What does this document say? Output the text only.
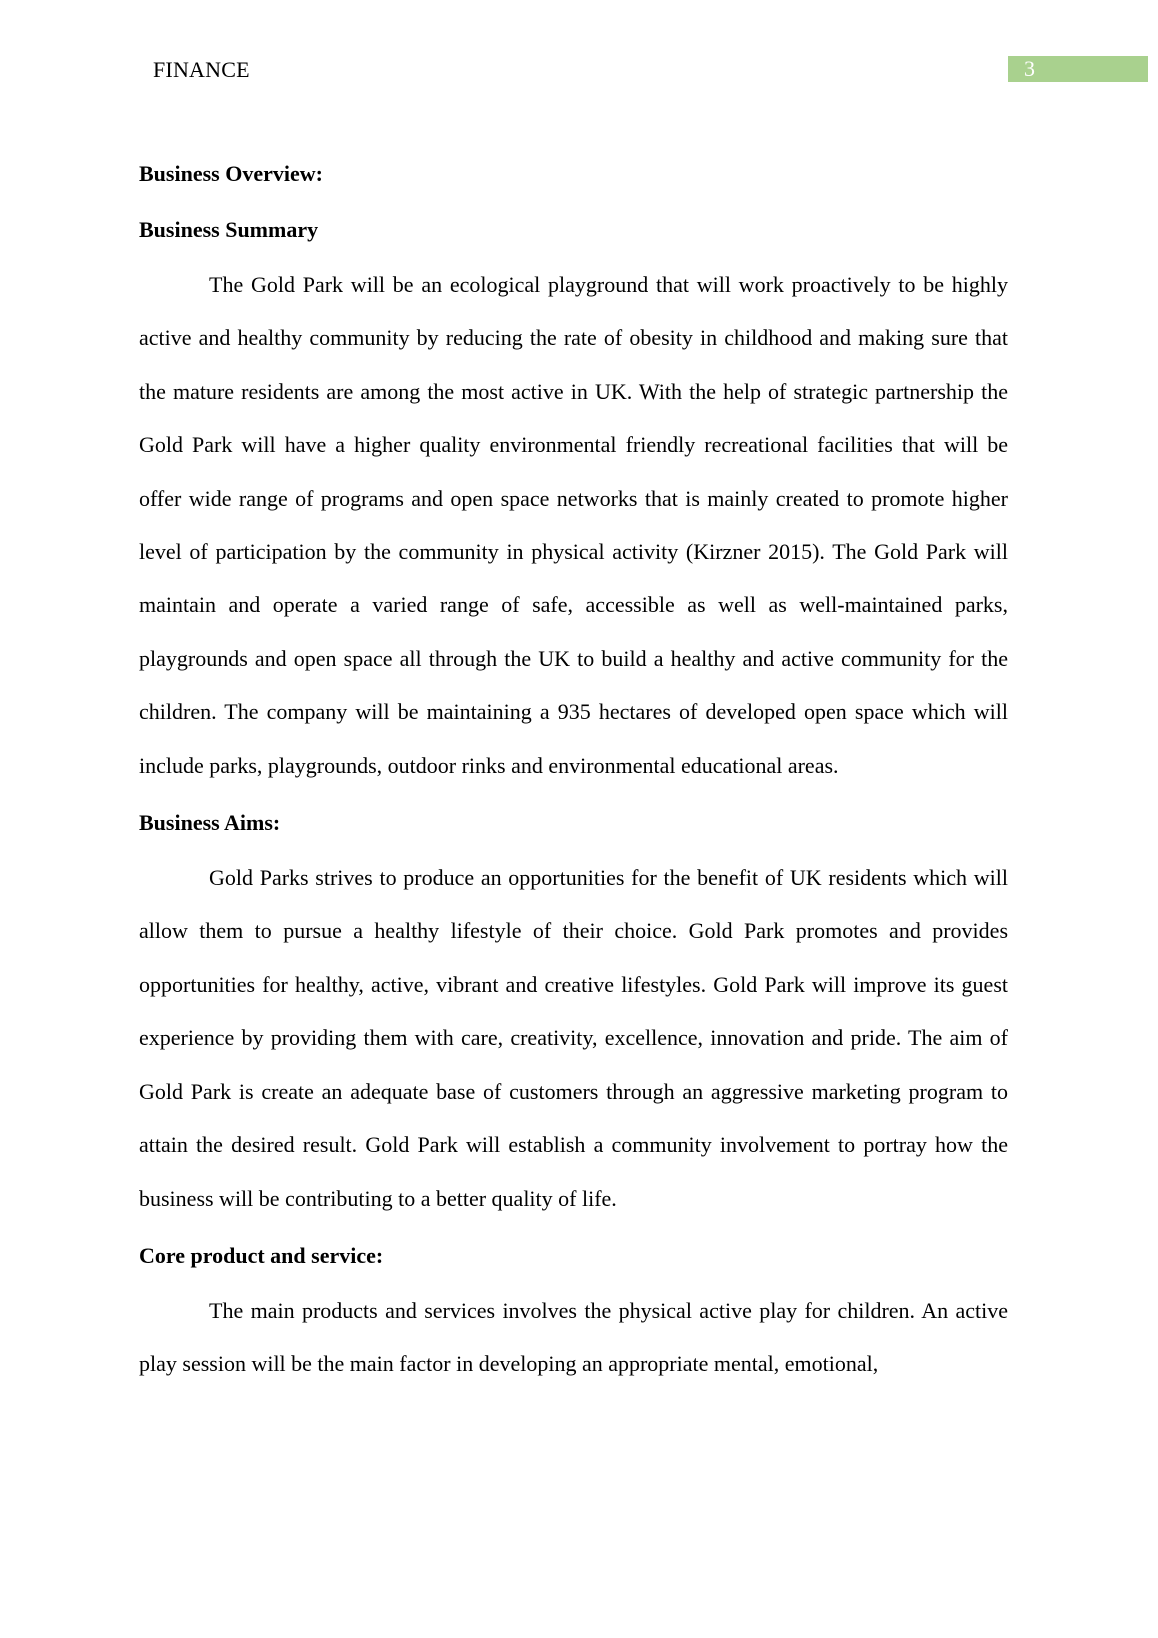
FINANCE	3
Business Overview:
Business Summary

The Gold Park will be an ecological playground that will work proactively to be highly active and healthy community by reducing the rate of obesity in childhood and making sure that the mature residents are among the most active in UK. With the help of strategic partnership the Gold Park will have a higher quality environmental friendly recreational facilities that will be offer wide range of programs and open space networks that is mainly created to promote higher level of participation by the community in physical activity (Kirzner 2015). The Gold Park will maintain and operate a varied range of safe, accessible as well as well-maintained parks, playgrounds and open space all through the UK to build a healthy and active community for the children. The company will be maintaining a 935 hectares of developed open space which will include parks, playgrounds, outdoor rinks and environmental educational areas.

Business Aims:

Gold Parks strives to produce an opportunities for the benefit of UK residents which will allow them to pursue a healthy lifestyle of their choice. Gold Park promotes and provides opportunities for healthy, active, vibrant and creative lifestyles. Gold Park will improve its guest experience by providing them with care, creativity, excellence, innovation and pride. The aim of Gold Park is create an adequate base of customers through an aggressive marketing program to attain the desired result. Gold Park will establish a community involvement to portray how the business will be contributing to a better quality of life.

Core product and service:

The main products and services involves the physical active play for children. An active play session will be the main factor in developing an appropriate mental, emotional,
